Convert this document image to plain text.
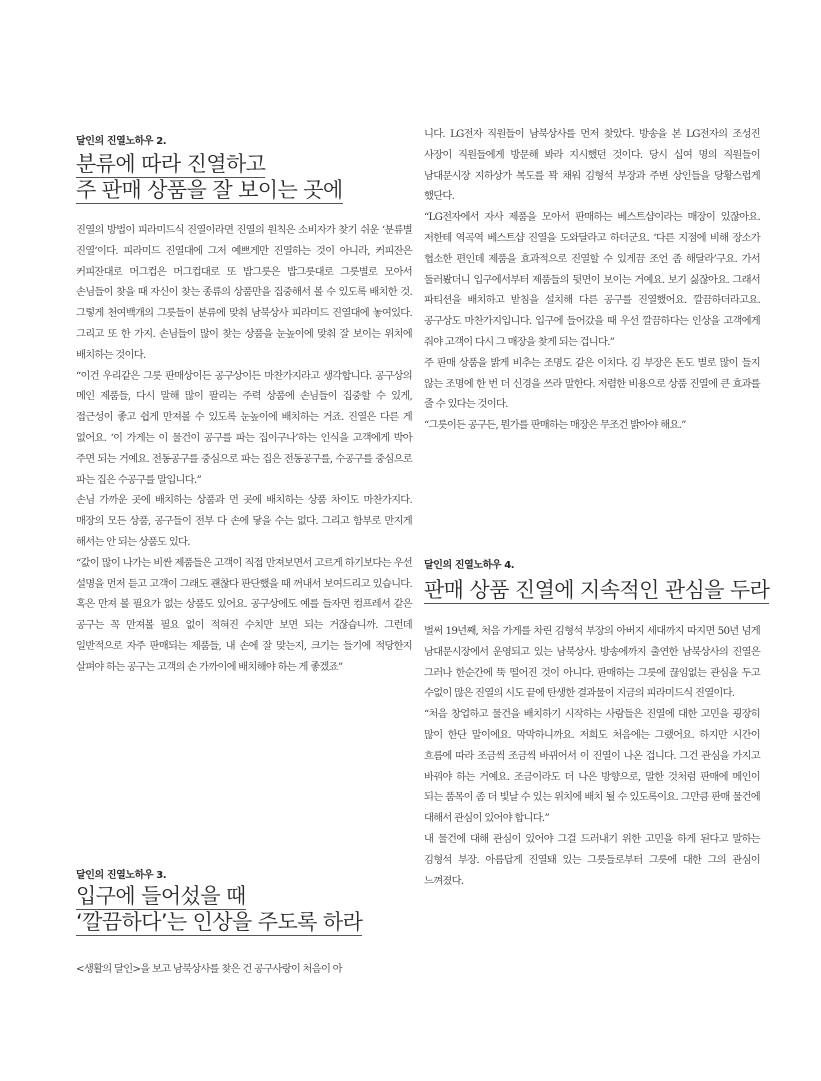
달인의 진열노하우 2.
분류에 따라 진열하고
주 판매 상품을 잘 보이는 곳에

진열의 방법이 피라미드식 진열이라면 진열의 원칙은 소비자가 찾기 쉬운 ‘분류별 진열’이다. 피라미드 진열대에 그저 예쁘게만 진열하는 것이 아니라, 커피잔은 커피잔대로 머그컵은 머그컵대로 또 밥그릇은 밥그릇대로 그릇별로 모아서 손님들이 찾을 때 자신이 찾는 종류의 상품만을 집중해서 볼 수 있도록 배치한 것. 그렇게 천여백개의 그릇들이 분류에 맞춰 남북상사 피라미드 진열대에 놓여있다. 그리고 또 한 가지. 손님들이 많이 찾는 상품을 눈높이에 맞춰 잘 보이는 위치에 배치하는 것이다.

“이건 우리같은 그릇 판매상이든 공구상이든 마찬가지라고 생각합니다. 공구상의 메인 제품들, 다시 말해 많이 팔리는 주력 상품에 손님들이 집중할 수 있게, 접근성이 좋고 쉽게 만져볼 수 있도록 눈높이에 배치하는 거죠. 진열은 다른 게 없어요. ‘이 가게는 이 물건이 공구를 파는 집이구나’하는 인식을 고객에게 박아 주면 되는 거예요. 전동공구를 중심으로 파는 집은 전동공구를, 수공구를 중심으로 파는 집은 수공구를 말입니다.”

손님 가까운 곳에 배치하는 상품과 먼 곳에 배치하는 상품 차이도 마찬가지다. 매장의 모든 상품, 공구들이 전부 다 손에 닿을 수는 없다. 그리고 함부로 만지게 해서는 안 되는 상품도 있다.

“값이 많이 나가는 비싼 제품들은 고객이 직접 만져보면서 고르게 하기보다는 우선 설명을 먼저 듣고 고객이 그래도 괜찮다 판단했을 때 꺼내서 보여드리고 있습니다. 혹은 만져 볼 필요가 없는 상품도 있어요. 공구상에도 예를 들자면 컴프레서 같은 공구는 꼭 만져볼 필요 없이 적혀진 수치만 보면 되는 거잖습니까. 그런데 일반적으로 자주 판매되는 제품들, 내 손에 잘 맞는지, 크기는 들기에 적당한지 살펴야 하는 공구는 고객의 손 가까이에 배치해야 하는 게 좋겠죠”

달인의 진열노하우 3.
입구에 들어섰을 때
‘깔끔하다’는 인상을 주도록 하라

<생활의 달인>을 보고 남북상사를 찾은 건 공구사랑이 처음이 아

니다. LG전자 직원들이 남북상사를 먼저 찾았다. 방송을 본 LG전자의 조성진 사장이 직원들에게 방문해 봐라 지시했던 것이다. 당시 십여 명의 직원들이 남대문시장 지하상가 복도를 꽉 채워 김형석 부장과 주변 상인들을 당황스럽게 했단다.

“LG전자에서 자사 제품을 모아서 판매하는 베스트샵이라는 매장이 있잖아요. 저한테 역곡역 베스트샵 진열을 도와달라고 하더군요. ‘다른 지점에 비해 장소가 협소한 편인데 제품을 효과적으로 진열할 수 있게끔 조언 좀 해달라’구요. 가서 둘러봤더니 입구에서부터 제품들의 뒷면이 보이는 거예요. 보기 싫잖아요. 그래서 파티션을 배치하고 받침을 설치해 다른 공구를 진열했어요. 깔끔하더라고요. 공구상도 마찬가지입니다. 입구에 들어갔을 때 우선 깔끔하다는 인상을 고객에게 줘야 고객이 다시 그 매장을 찾게 되는 겁니다.”

주 판매 상품을 밝게 비추는 조명도 같은 이치다. 김 부장은 돈도 별로 많이 들지 않는 조명에 한 번 더 신경을 쓰라 말한다. 저렴한 비용으로 상품 진열에 큰 효과를 줄 수 있다는 것이다.

“그릇이든 공구든, 뭔가를 판매하는 매장은 무조건 밝아야 해요.”

달인의 진열노하우 4.
판매 상품 진열에 지속적인 관심을 두라

벌써 19년째, 처음 가게를 차린 김형석 부장의 아버지 세대까지 따지면 50년 넘게 남대문시장에서 운영되고 있는 남북상사. 방송에까지 출연한 남북상사의 진열은 그러나 한순간에 뚝 떨어진 것이 아니다. 판매하는 그릇에 끊임없는 관심을 두고 수없이 많은 진열의 시도 끝에 탄생한 결과물이 지금의 피라미드식 진열이다.

“처음 창업하고 물건을 배치하기 시작하는 사람들은 진열에 대한 고민을 굉장히 많이 한단 말이에요. 막막하니까요. 저희도 처음에는 그랬어요. 하지만 시간이 흐름에 따라 조금씩 조금씩 바뀌어서 이 진열이 나온 겁니다. 그건 관심을 가지고 바꿔야 하는 거예요. 조금이라도 더 나은 방향으로, 말한 것처럼 판매에 메인이 되는 품목이 좀 더 빛날 수 있는 위치에 배치 될 수 있도록이요. 그만큼 판매 물건에 대해서 관심이 있어야 합니다.”

내 물건에 대해 관심이 있어야 그걸 드러내기 위한 고민을 하게 된다고 말하는 김형석 부장. 아름답게 진열돼 있는 그릇들로부터 그릇에 대한 그의 관심이 느껴졌다.
